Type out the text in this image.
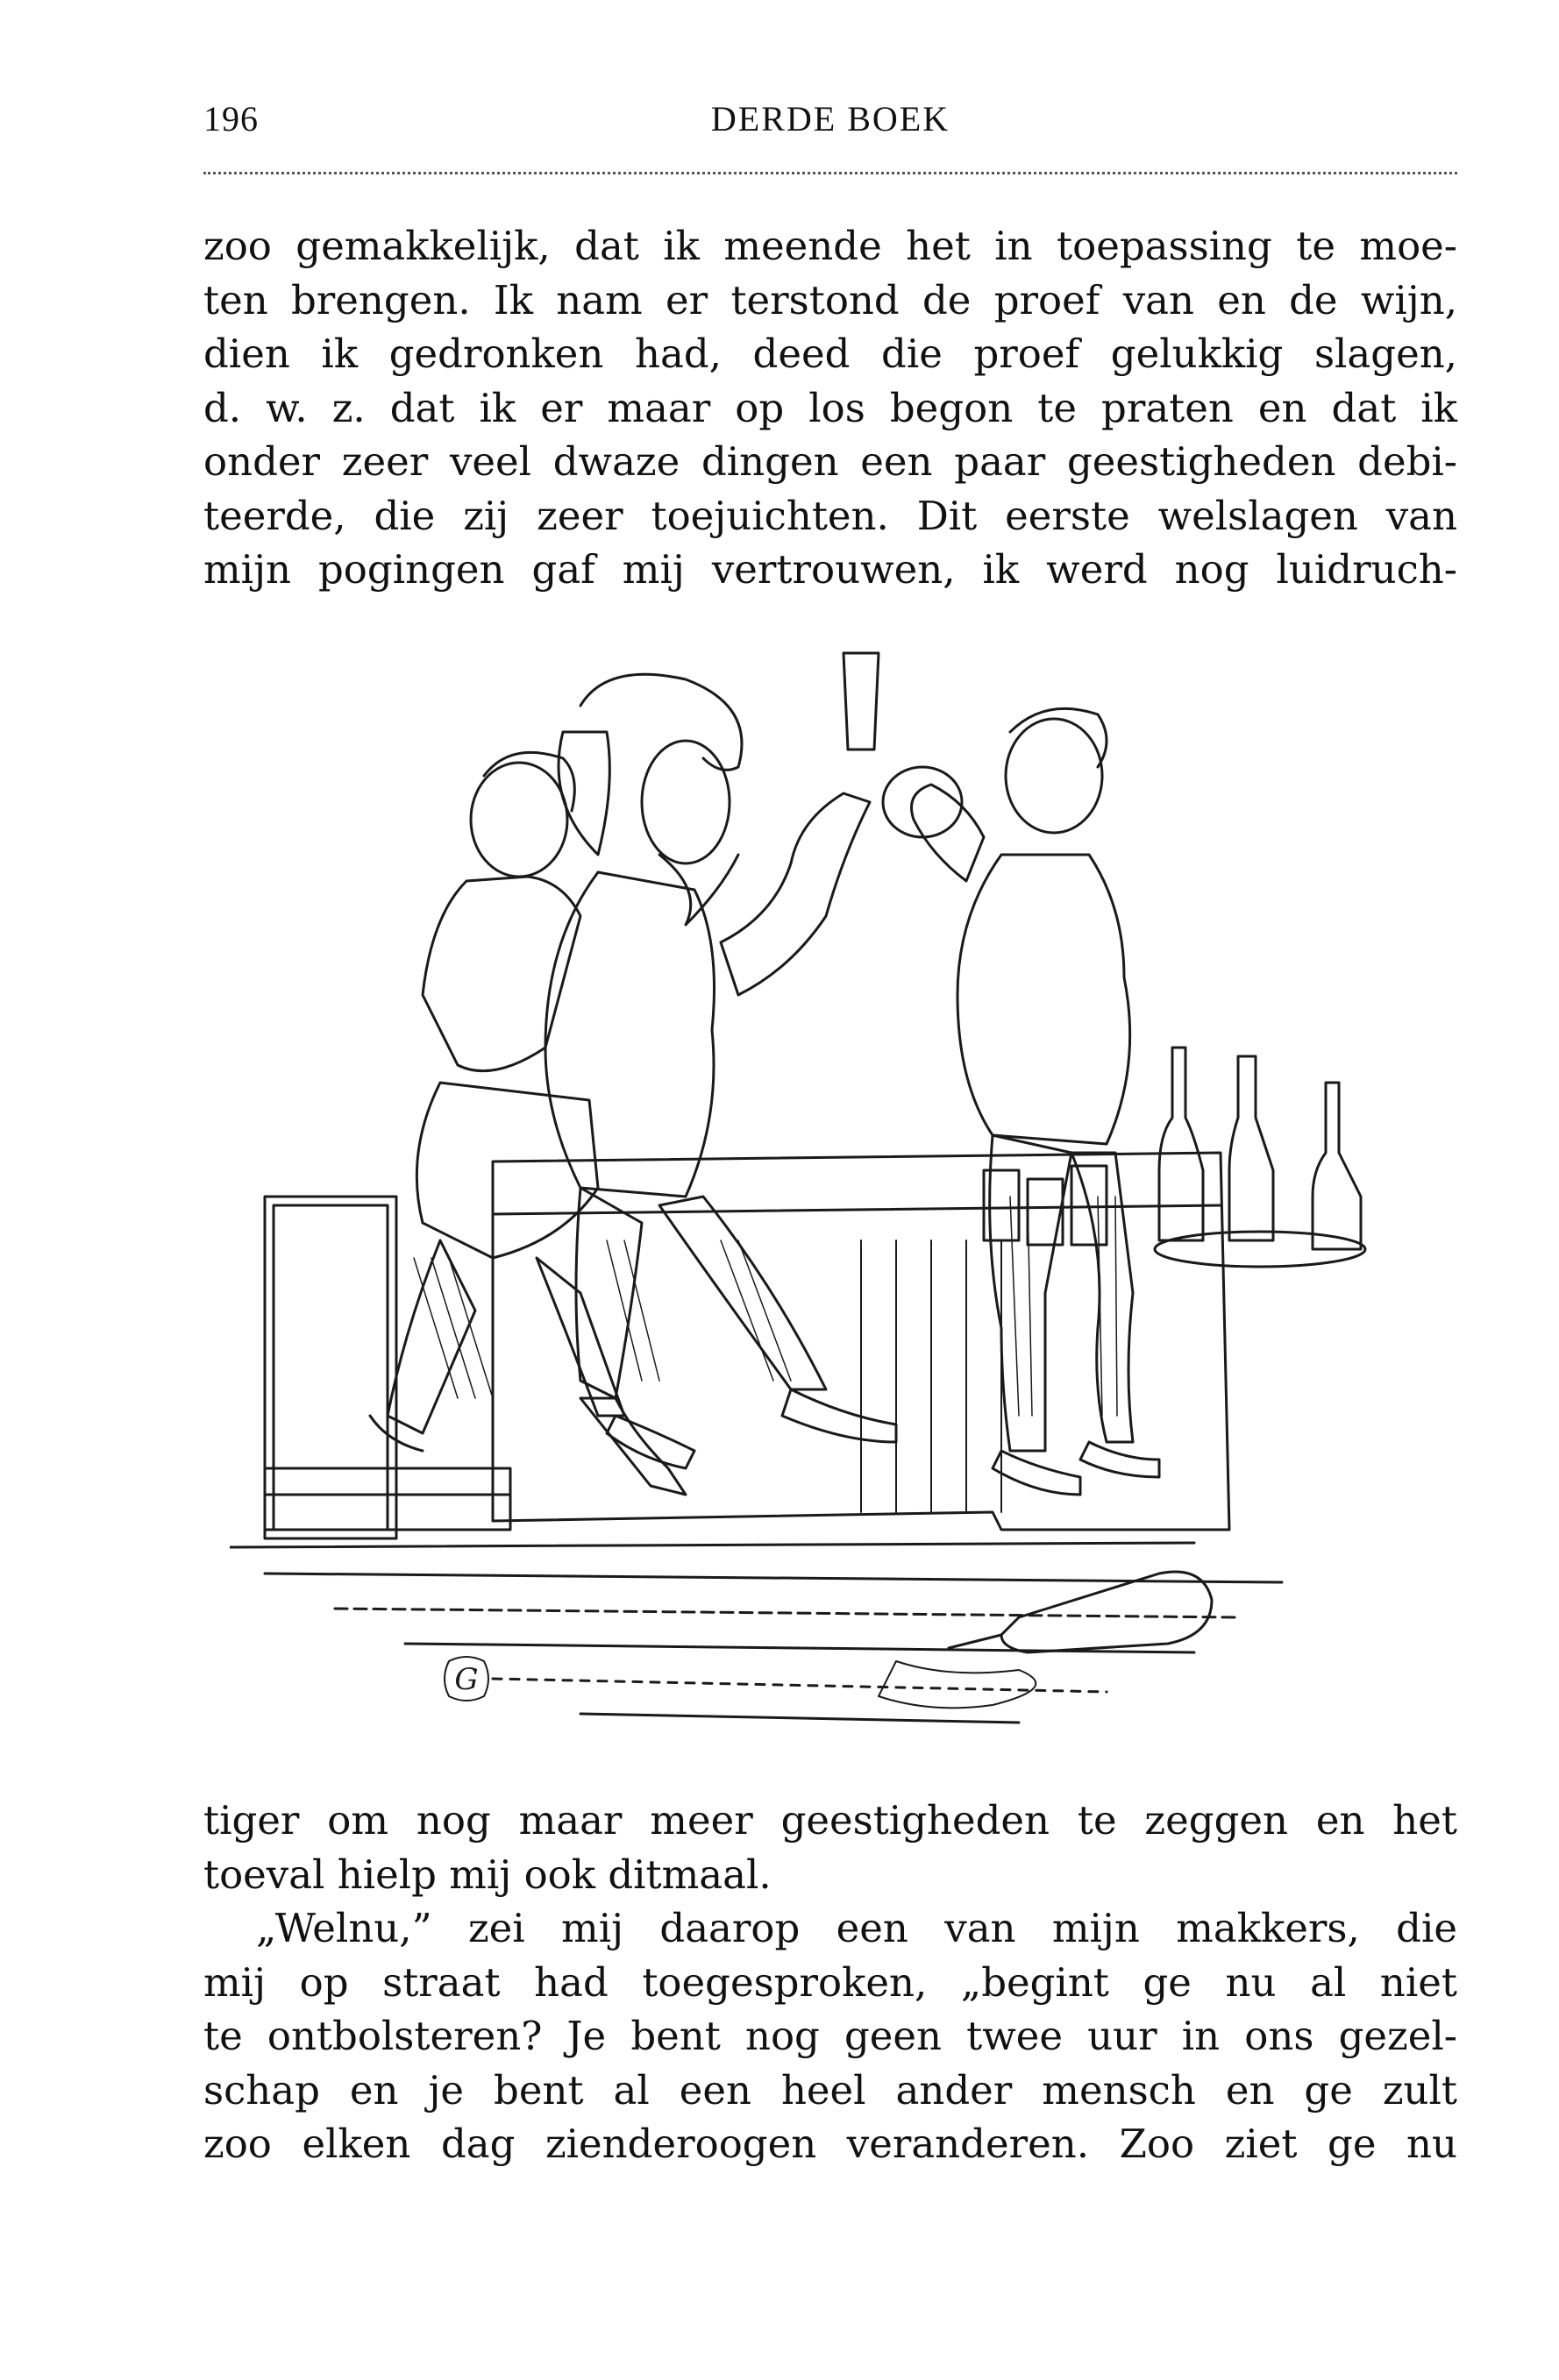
196	DERDE BOEK
zoo gemakkelijk, dat ik meende het in toepassing te moe-
ten brengen. Ik nam er terstond de proef van en de wijn,
dien ik gedronken had, deed die proef gelukkig slagen,
d. w. z. dat ik er maar op los begon te praten en dat ik
onder zeer veel dwaze dingen een paar geestigheden debi-
teerde, die zij zeer toejuichten. Dit eerste welslagen van
mijn pogingen gaf mij vertrouwen, ik werd nog luidruch-
G
tiger om nog maar meer geestigheden te zeggen en het
toeval hielp mij ook ditmaal.
„Welnu,” zei mij daarop een van mijn makkers, die
mij op straat had toegesproken, „begint ge nu al niet
te ontbolsteren? Je bent nog geen twee uur in ons gezel-
schap en je bent al een heel ander mensch en ge zult
zoo elken dag zienderoogen veranderen. Zoo ziet ge nu
